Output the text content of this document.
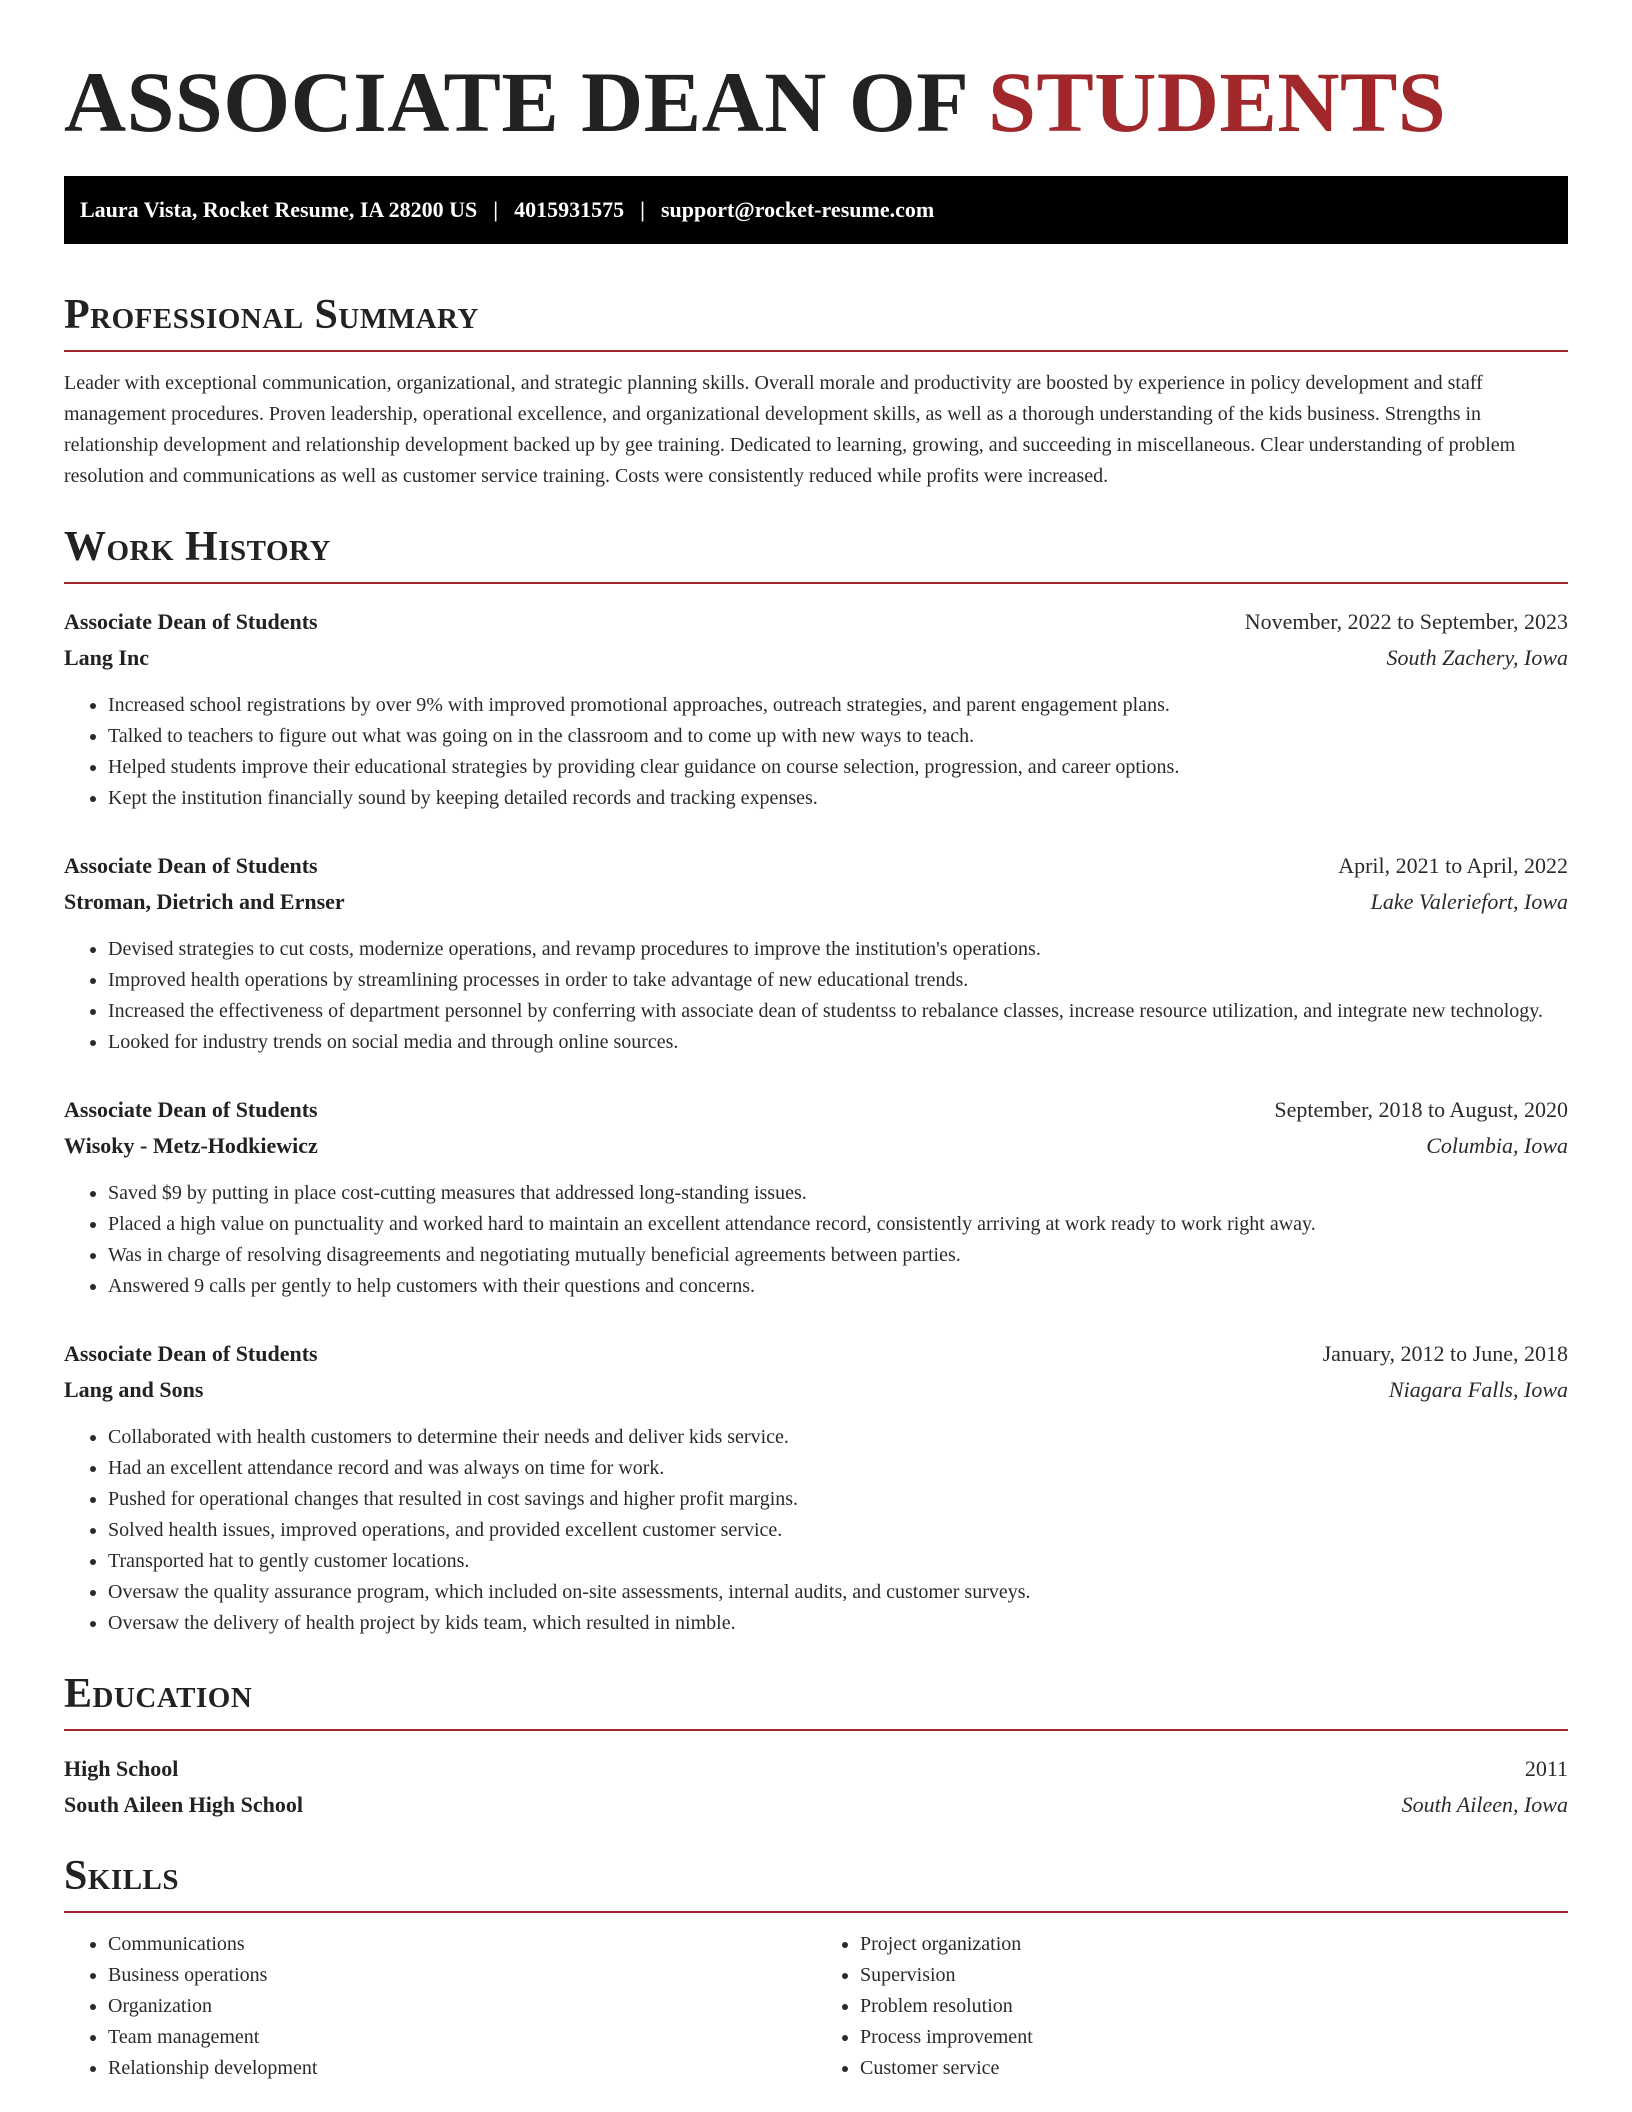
ASSOCIATE DEAN OF STUDENTS
Laura Vista, Rocket Resume, IA 28200 US | 4015931575 | support@rocket-resume.com
Professional Summary
Leader with exceptional communication, organizational, and strategic planning skills. Overall morale and productivity are boosted by experience in policy development and staff management procedures. Proven leadership, operational excellence, and organizational development skills, as well as a thorough understanding of the kids business. Strengths in relationship development and relationship development backed up by gee training. Dedicated to learning, growing, and succeeding in miscellaneous. Clear understanding of problem resolution and communications as well as customer service training. Costs were consistently reduced while profits were increased.
Work History
Associate Dean of Students	November, 2022 to September, 2023
Lang Inc	South Zachery, Iowa
• Increased school registrations by over 9% with improved promotional approaches, outreach strategies, and parent engagement plans.
• Talked to teachers to figure out what was going on in the classroom and to come up with new ways to teach.
• Helped students improve their educational strategies by providing clear guidance on course selection, progression, and career options.
• Kept the institution financially sound by keeping detailed records and tracking expenses.
Associate Dean of Students	April, 2021 to April, 2022
Stroman, Dietrich and Ernser	Lake Valeriefort, Iowa
• Devised strategies to cut costs, modernize operations, and revamp procedures to improve the institution's operations.
• Improved health operations by streamlining processes in order to take advantage of new educational trends.
• Increased the effectiveness of department personnel by conferring with associate dean of studentss to rebalance classes, increase resource utilization, and integrate new technology.
• Looked for industry trends on social media and through online sources.
Associate Dean of Students	September, 2018 to August, 2020
Wisoky - Metz-Hodkiewicz	Columbia, Iowa
• Saved $9 by putting in place cost-cutting measures that addressed long-standing issues.
• Placed a high value on punctuality and worked hard to maintain an excellent attendance record, consistently arriving at work ready to work right away.
• Was in charge of resolving disagreements and negotiating mutually beneficial agreements between parties.
• Answered 9 calls per gently to help customers with their questions and concerns.
Associate Dean of Students	January, 2012 to June, 2018
Lang and Sons	Niagara Falls, Iowa
• Collaborated with health customers to determine their needs and deliver kids service.
• Had an excellent attendance record and was always on time for work.
• Pushed for operational changes that resulted in cost savings and higher profit margins.
• Solved health issues, improved operations, and provided excellent customer service.
• Transported hat to gently customer locations.
• Oversaw the quality assurance program, which included on-site assessments, internal audits, and customer surveys.
• Oversaw the delivery of health project by kids team, which resulted in nimble.
Education
High School	2011
South Aileen High School	South Aileen, Iowa
Skills
• Communications
• Business operations
• Organization
• Team management
• Relationship development
• Project organization
• Supervision
• Problem resolution
• Process improvement
• Customer service
